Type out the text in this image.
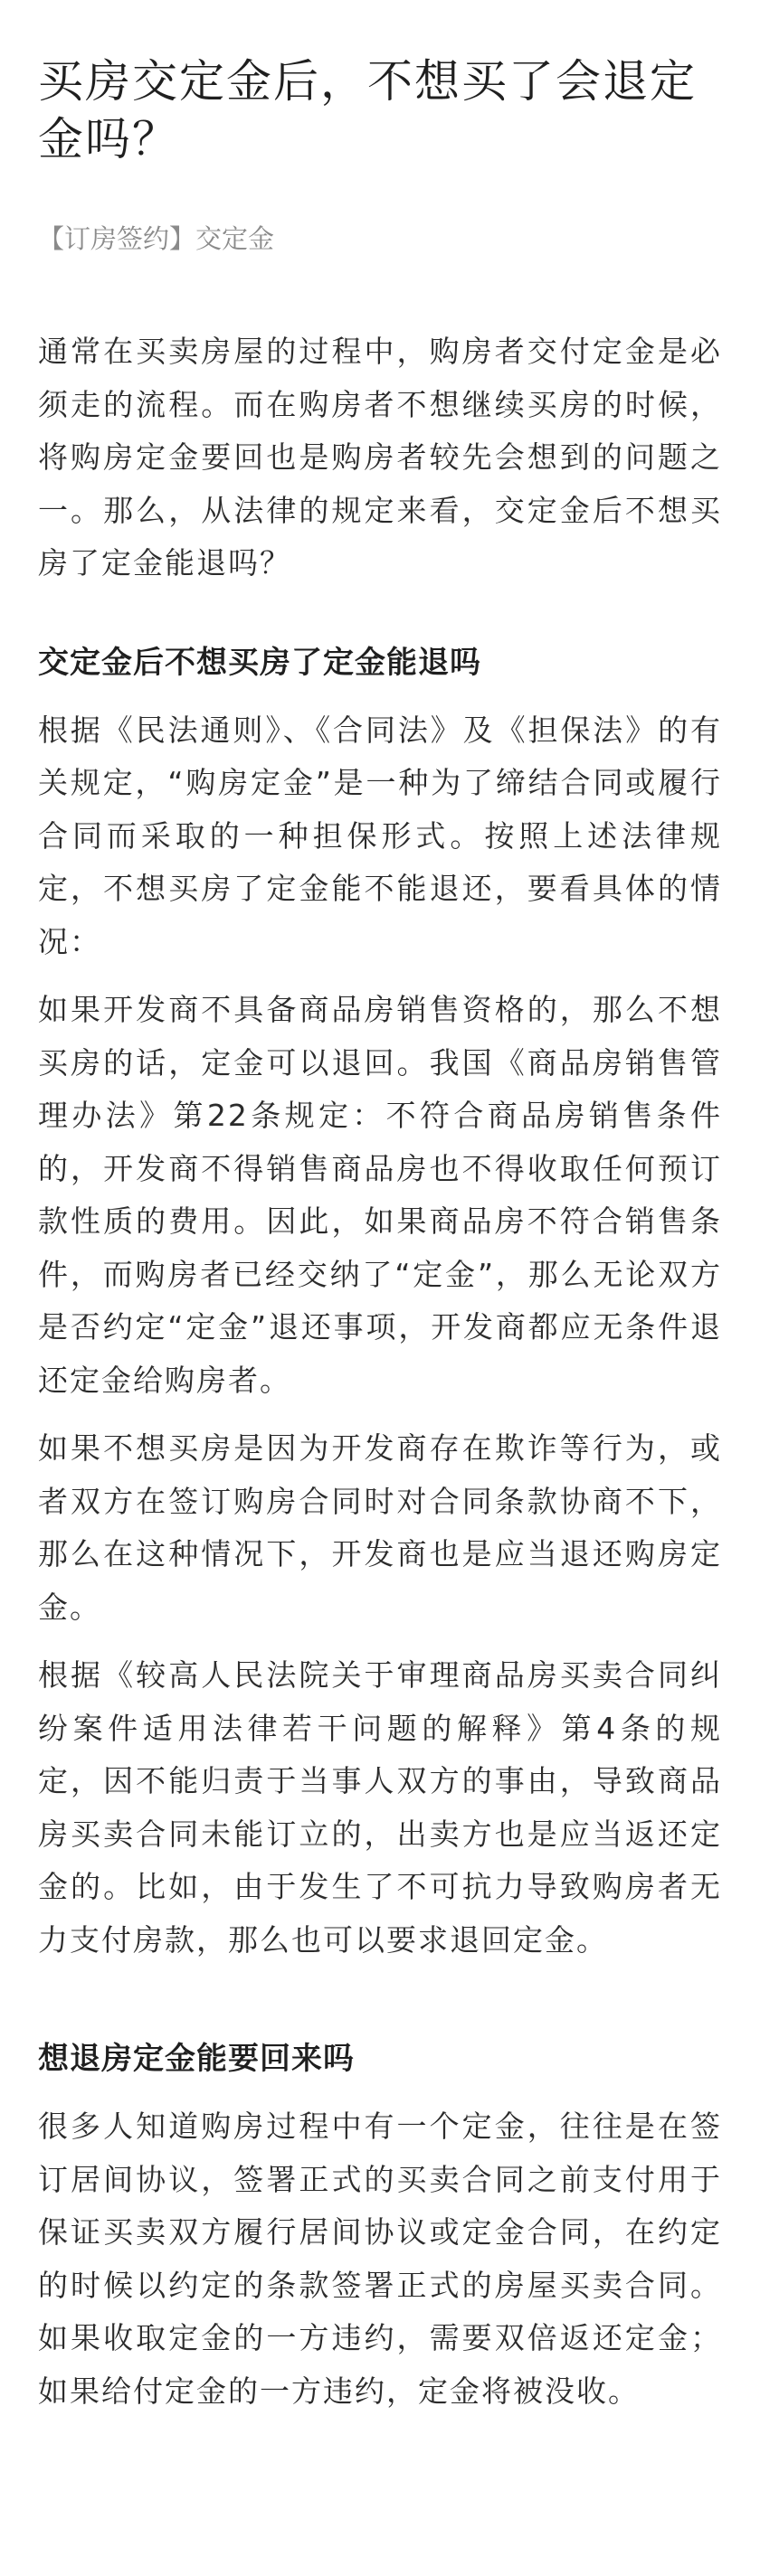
买房交定金后，不想买了会退定金吗？
【订房签约】交定金

通常在买卖房屋的过程中，购房者交付定金是必须走的流程。而在购房者不想继续买房的时候，将购房定金要回也是购房者较先会想到的问题之一。那么，从法律的规定来看，交定金后不想买房了定金能退吗？

交定金后不想买房了定金能退吗

根据《民法通则》、《合同法》及《担保法》的有关规定，“购房定金”是一种为了缔结合同或履行合同而采取的一种担保形式。按照上述法律规定，不想买房了定金能不能退还，要看具体的情况：

如果开发商不具备商品房销售资格的，那么不想买房的话，定金可以退回。我国《商品房销售管理办法》第22条规定：不符合商品房销售条件的，开发商不得销售商品房也不得收取任何预订款性质的费用。因此，如果商品房不符合销售条件，而购房者已经交纳了“定金”，那么无论双方是否约定“定金”退还事项，开发商都应无条件退还定金给购房者。

如果不想买房是因为开发商存在欺诈等行为，或者双方在签订购房合同时对合同条款协商不下，那么在这种情况下，开发商也是应当退还购房定金。

根据《较高人民法院关于审理商品房买卖合同纠纷案件适用法律若干问题的解释》第4条的规定，因不能归责于当事人双方的事由，导致商品房买卖合同未能订立的，出卖方也是应当返还定金的。比如，由于发生了不可抗力导致购房者无力支付房款，那么也可以要求退回定金。

想退房定金能要回来吗

很多人知道购房过程中有一个定金，往往是在签订居间协议，签署正式的买卖合同之前支付用于保证买卖双方履行居间协议或定金合同，在约定的时候以约定的条款签署正式的房屋买卖合同。如果收取定金的一方违约，需要双倍返还定金；如果给付定金的一方违约，定金将被没收。
